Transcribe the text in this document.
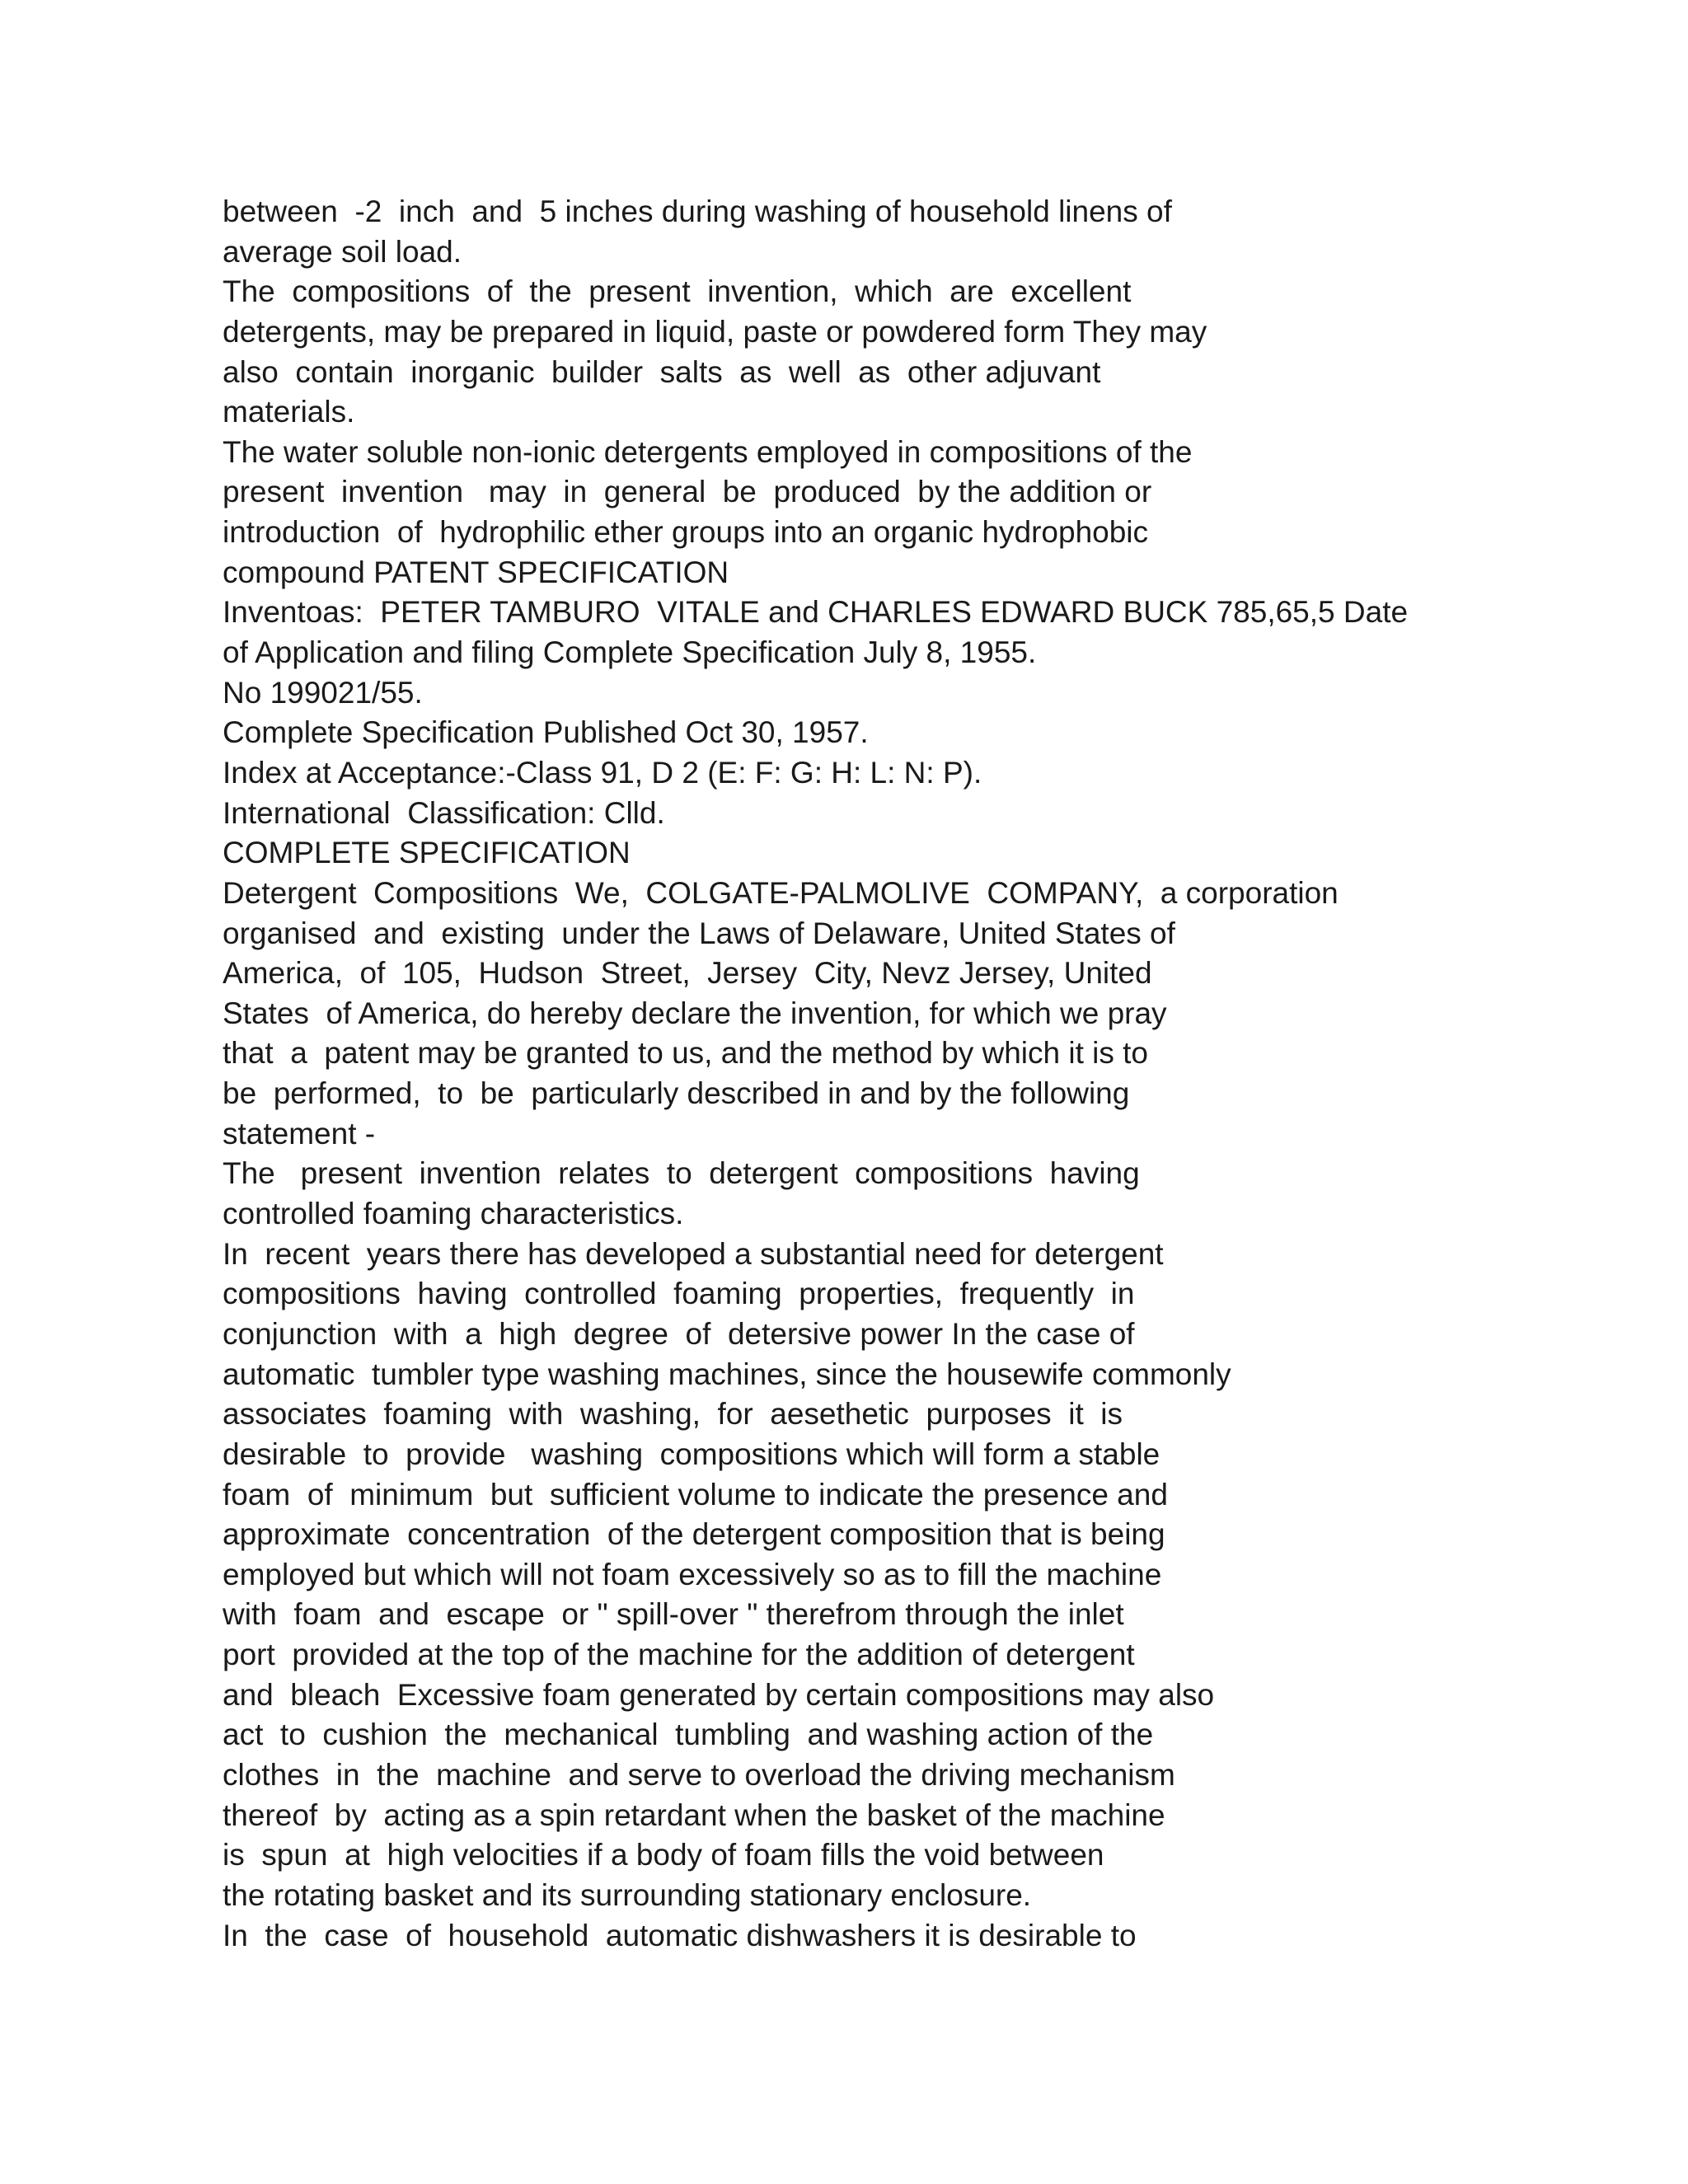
between  -2  inch  and  5 inches during washing of household linens of
average soil load.
The  compositions  of  the  present  invention,  which  are  excellent
detergents, may be prepared in liquid, paste or powdered form They may
also  contain  inorganic  builder  salts  as  well  as  other adjuvant
materials.
The water soluble non-ionic detergents employed in compositions of the
present  invention   may  in  general  be  produced  by the addition or
introduction  of  hydrophilic ether groups into an organic hydrophobic
compound PATENT SPECIFICATION
Inventoas:  PETER TAMBURO  VITALE and CHARLES EDWARD BUCK 785,65,5 Date
of Application and filing Complete Specification July 8, 1955.
No 199021/55.
Complete Specification Published Oct 30, 1957.
Index at Acceptance:-Class 91, D 2 (E: F: G: H: L: N: P).
International  Classification: Clld.
COMPLETE SPECIFICATION
Detergent  Compositions  We,  COLGATE-PALMOLIVE  COMPANY,  a corporation
organised  and  existing  under the Laws of Delaware, United States of
America,  of  105,  Hudson  Street,  Jersey  City, Nevz Jersey, United
States  of America, do hereby declare the invention, for which we pray
that  a  patent may be granted to us, and the method by which it is to
be  performed,  to  be  particularly described in and by the following
statement -
The   present  invention  relates  to  detergent  compositions  having
controlled foaming characteristics.
In  recent  years there has developed a substantial need for detergent
compositions  having  controlled  foaming  properties,  frequently  in
conjunction  with  a  high  degree  of  detersive power In the case of
automatic  tumbler type washing machines, since the housewife commonly
associates  foaming  with  washing,  for  aesethetic  purposes  it  is
desirable  to  provide   washing  compositions which will form a stable
foam  of  minimum  but  sufficient volume to indicate the presence and
approximate  concentration  of the detergent composition that is being
employed but which will not foam excessively so as to fill the machine
with  foam  and  escape  or " spill-over " therefrom through the inlet
port  provided at the top of the machine for the addition of detergent
and  bleach  Excessive foam generated by certain compositions may also
act  to  cushion  the  mechanical  tumbling  and washing action of the
clothes  in  the  machine  and serve to overload the driving mechanism
thereof  by  acting as a spin retardant when the basket of the machine
is  spun  at  high velocities if a body of foam fills the void between
the rotating basket and its surrounding stationary enclosure.
In  the  case  of  household  automatic dishwashers it is desirable to
